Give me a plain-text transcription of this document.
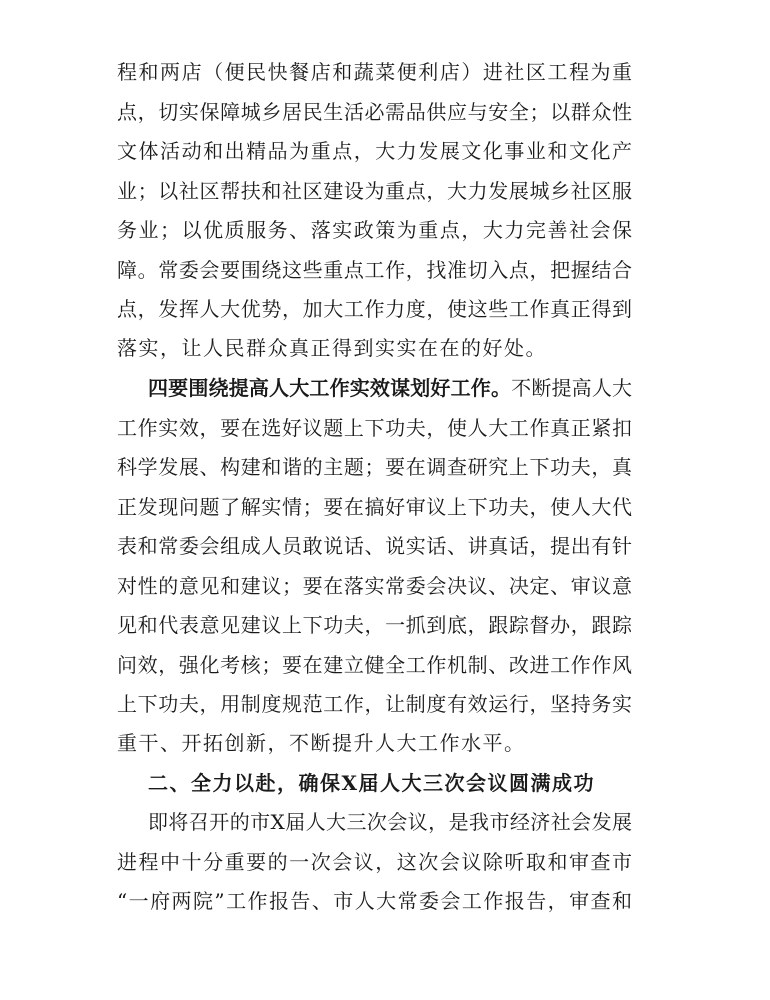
程和两店（便民快餐店和蔬菜便利店）进社区工程为重
点，切实保障城乡居民生活必需品供应与安全；以群众性
文体活动和出精品为重点，大力发展文化事业和文化产
业；以社区帮扶和社区建设为重点，大力发展城乡社区服
务业；以优质服务、落实政策为重点，大力完善社会保
障。常委会要围绕这些重点工作，找准切入点，把握结合
点，发挥人大优势，加大工作力度，使这些工作真正得到
落实，让人民群众真正得到实实在在的好处。
四要围绕提高人大工作实效谋划好工作。不断提高人大
工作实效，要在选好议题上下功夫，使人大工作真正紧扣
科学发展、构建和谐的主题；要在调查研究上下功夫，真
正发现问题了解实情；要在搞好审议上下功夫，使人大代
表和常委会组成人员敢说话、说实话、讲真话，提出有针
对性的意见和建议；要在落实常委会决议、决定、审议意
见和代表意见建议上下功夫，一抓到底，跟踪督办，跟踪
问效，强化考核；要在建立健全工作机制、改进工作作风
上下功夫，用制度规范工作，让制度有效运行，坚持务实
重干、开拓创新，不断提升人大工作水平。
二、全力以赴，确保X届人大三次会议圆满成功
即将召开的市X届人大三次会议，是我市经济社会发展
进程中十分重要的一次会议，这次会议除听取和审查市
“一府两院”工作报告、市人大常委会工作报告，审查和
